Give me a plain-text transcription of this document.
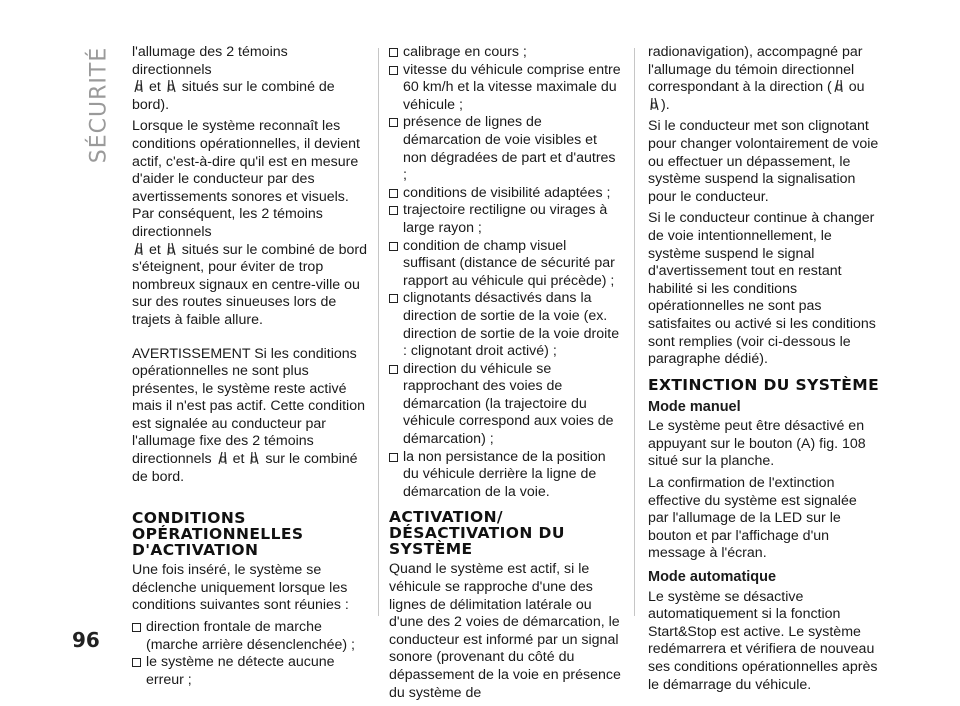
SÉCURITÉ l'allumage des 2 témoins directionnels

et situés sur le combiné de bord).

Lorsque le système reconnaît les conditions opérationnelles, il devient actif, c'est-à-dire qu'il est en mesure d'aider le conducteur par des avertissements sonores et visuels. Par conséquent, les 2 témoins directionnels

et situés sur le combiné de bord s'éteignent, pour éviter de trop nombreux signaux en centre-ville ou sur des routes sinueuses lors de trajets à faible allure.

AVERTISSEMENT Si les conditions opérationnelles ne sont plus présentes, le système reste activé mais il n'est pas actif. Cette condition est signalée au conducteur par l'allumage fixe des 2 témoins directionnels et sur le combiné de bord.

CONDITIONS OPÉRATIONNELLES D'ACTIVATION

Une fois inséré, le système se déclenche uniquement lorsque les conditions suivantes sont réunies :

direction frontale de marche (marche arrière désenclenchée) ;
le système ne détecte aucune erreur ;
calibrage en cours ;
vitesse du véhicule comprise entre 60 km/h et la vitesse maximale du véhicule ;
présence de lignes de démarcation de voie visibles et non dégradées de part et d'autres ;
conditions de visibilité adaptées ;
trajectoire rectiligne ou virages à large rayon ;
condition de champ visuel suffisant (distance de sécurité par rapport au véhicule qui précède) ;
clignotants désactivés dans la direction de sortie de la voie (ex. direction de sortie de la voie droite : clignotant droit activé) ;
direction du véhicule se rapprochant des voies de démarcation (la trajectoire du véhicule correspond aux voies de démarcation) ;
la non persistance de la position du véhicule derrière la ligne de démarcation de la voie.
ACTIVATION/ DÉSACTIVATION DU SYSTÈME

Quand le système est actif, si le véhicule se rapproche d'une des lignes de délimitation latérale ou d'une des 2 voies de démarcation, le conducteur est informé par un signal sonore (provenant du côté du dépassement de la voie en présence du système de

radionavigation), accompagné par l'allumage du témoin directionnel correspondant à la direction ( ou
).

Si le conducteur met son clignotant pour changer volontairement de voie ou effectuer un dépassement, le système suspend la signalisation pour le conducteur.

Si le conducteur continue à changer de voie intentionnellement, le système suspend le signal d'avertissement tout en restant habilité si les conditions opérationnelles ne sont pas satisfaites ou activé si les conditions sont remplies (voir ci-dessous le paragraphe dédié).

EXTINCTION DU SYSTÈME
Mode manuel

Le système peut être désactivé en appuyant sur le bouton (A) fig. 108 situé sur la planche.

La confirmation de l'extinction effective du système est signalée par l'allumage de la LED sur le bouton et par l'affichage d'un message à l'écran.

Mode automatique

Le système se désactive automatiquement si la fonction Start&Stop est active. Le système redémarrera et vérifiera de nouveau ses conditions opérationnelles après le démarrage du véhicule.

96
